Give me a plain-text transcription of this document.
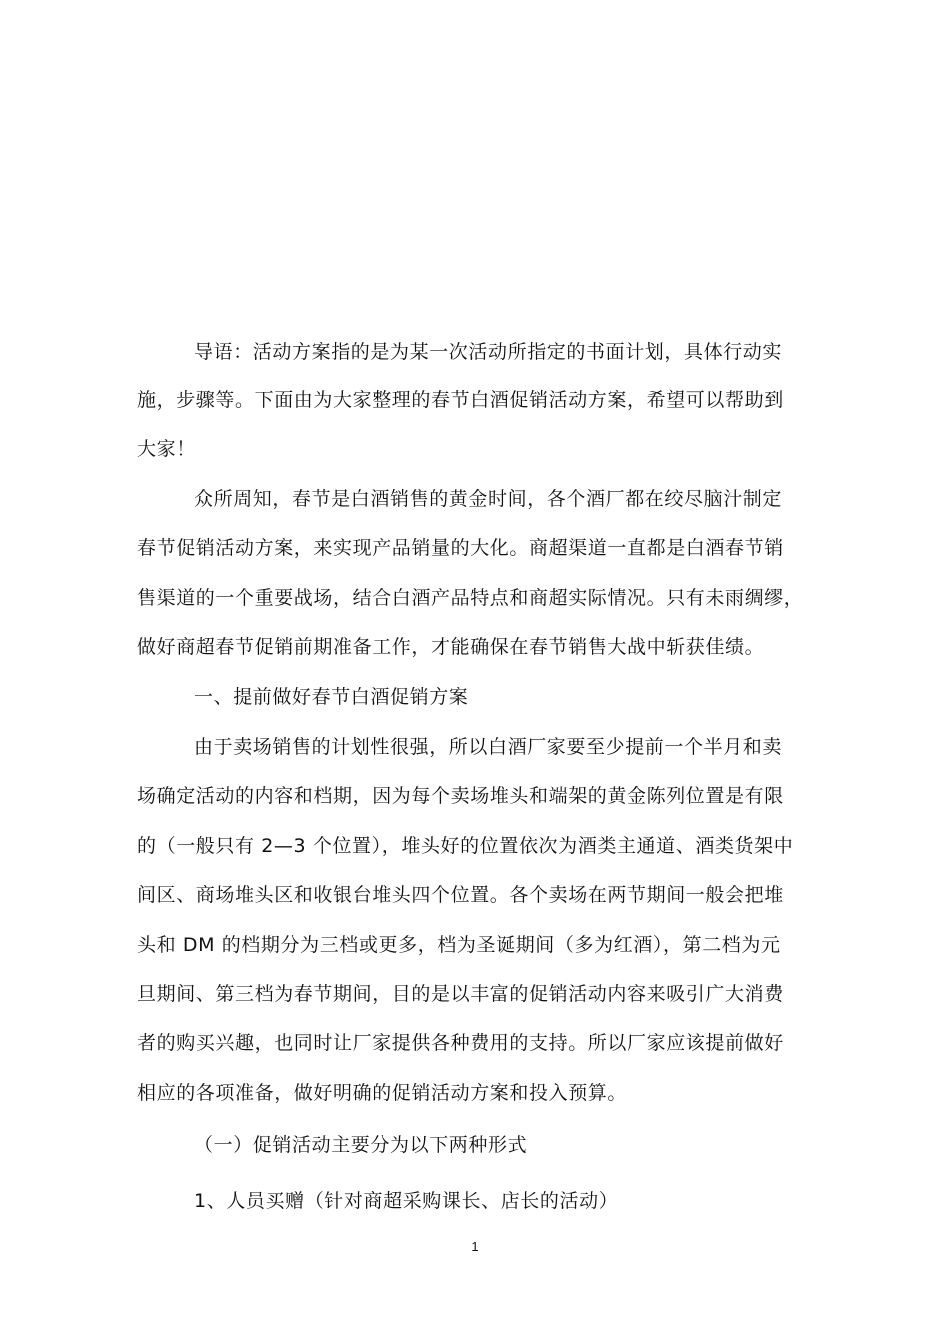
导语：活动方案指的是为某一次活动所指定的书面计划，具体行动实
施，步骤等。下面由为大家整理的春节白酒促销活动方案，希望可以帮助到
大家！
众所周知，春节是白酒销售的黄金时间，各个酒厂都在绞尽脑汁制定
春节促销活动方案，来实现产品销量的大化。商超渠道一直都是白酒春节销
售渠道的一个重要战场，结合白酒产品特点和商超实际情况。只有未雨绸缪，
做好商超春节促销前期准备工作，才能确保在春节销售大战中斩获佳绩。
一、提前做好春节白酒促销方案
由于卖场销售的计划性很强，所以白酒厂家要至少提前一个半月和卖
场确定活动的内容和档期，因为每个卖场堆头和端架的黄金陈列位置是有限
的（一般只有 2—3 个位置），堆头好的位置依次为酒类主通道、酒类货架中
间区、商场堆头区和收银台堆头四个位置。各个卖场在两节期间一般会把堆
头和 DM 的档期分为三档或更多，档为圣诞期间（多为红酒），第二档为元
旦期间、第三档为春节期间，目的是以丰富的促销活动内容来吸引广大消费
者的购买兴趣，也同时让厂家提供各种费用的支持。所以厂家应该提前做好
相应的各项准备，做好明确的促销活动方案和投入预算。
（一）促销活动主要分为以下两种形式
1、人员买赠（针对商超采购课长、店长的活动）
1
